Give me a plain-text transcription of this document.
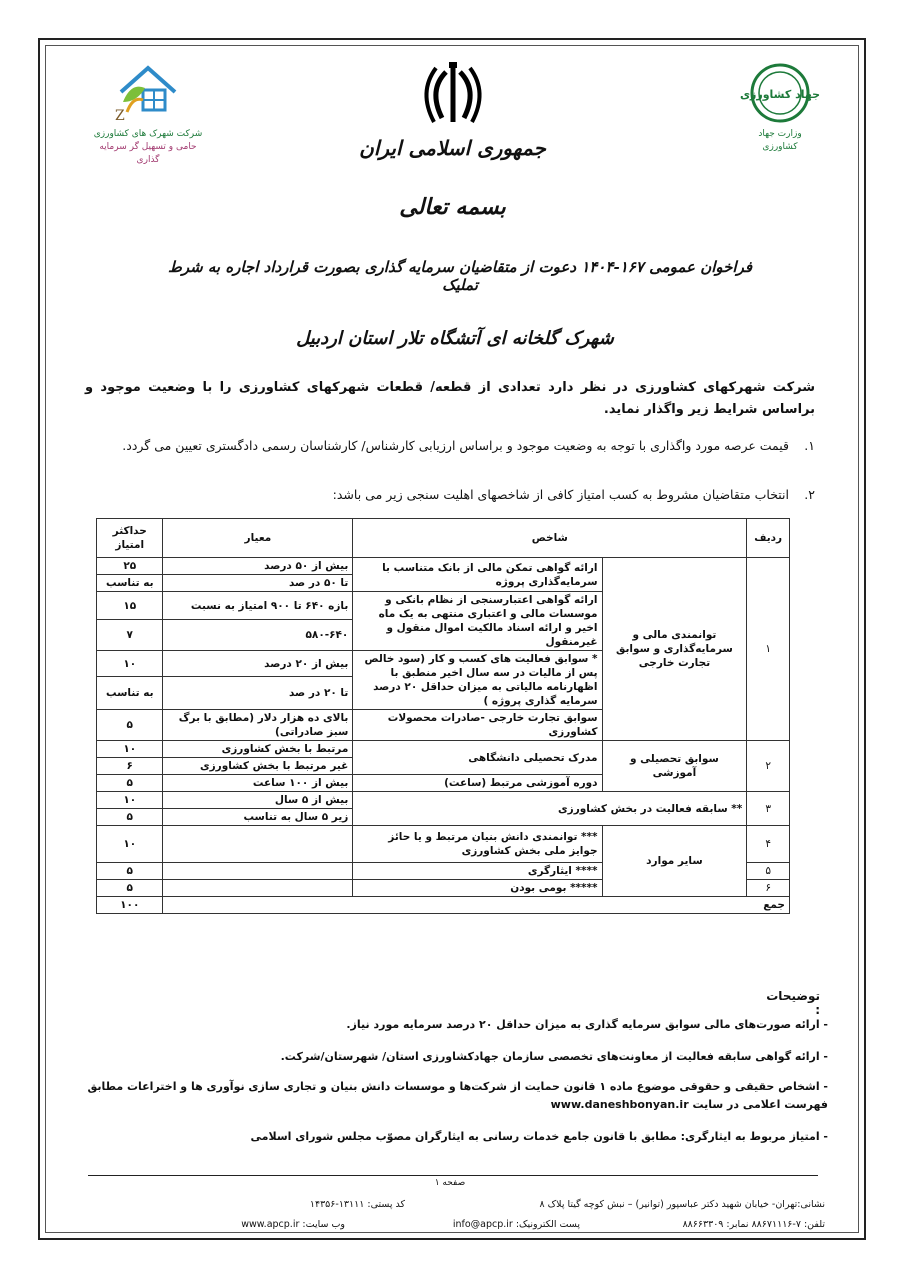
Z
شرکت شهرک های کشاورزی
حامی و تسهیل گر سرمایه گذاری	جمهوری اسلامی ایران
جهاد کشاورزی
وزارت جهاد کشاورزی
بسمه تعالی
فراخوان عمومی ۱۶۷-۱۴۰۴ دعوت از متقاضیان سرمایه گذاری بصورت قرارداد اجاره به شرط تملیک
شهرک گلخانه ای آتشگاه تلار استان اردبیل
شرکت شهرکهای کشاورزی در نظر دارد تعدادی از قطعه/ قطعات شهرکهای کشاورزی را با وضعیت موجود و براساس شرایط زیر واگذار نماید.
۱. قیمت عرصه مورد واگذاری با توجه به وضعیت موجود و براساس ارزیابی کارشناس/ کارشناسان رسمی دادگستری تعیین می گردد.
۲. انتخاب متقاضیان مشروط به کسب امتیاز کافی از شاخصهای اهلیت سنجی زیر می باشد:
ردیف	شاخص		معیار	حداکثر امتیاز
۱	توانمندی مالی و سرمایه‌گذاری و سوابق تجارت خارجی	ارائه گواهی تمکن مالی از بانک متناسب با سرمایه‌گذاری پروژه	بیش از ۵۰ درصد	۲۵
			تا ۵۰ در صد	به تناسب
		ارائه گواهی اعتبارسنجی از نظام بانکی و موسسات مالی و اعتباری منتهی به یک ماه اخیر و ارائه اسناد مالکیت اموال منقول و غیرمنقول	بازه ۶۴۰ تا ۹۰۰ امتیاز به نسبت	۱۵
			۵۸۰-۶۴۰	۷
		* سوابق فعالیت های کسب و کار (سود خالص پس از مالیات در سه سال اخیر منطبق با اظهارنامه مالیاتی به میزان حداقل ۲۰ درصد سرمایه گذاری پروژه )	بیش از ۲۰ درصد	۱۰
			تا ۲۰ در صد	به تناسب
		سوابق تجارت خارجی -صادرات محصولات کشاورزی	بالای ده هزار دلار (مطابق با برگ سبز صادراتی)	۵
۲	سوابق تحصیلی و آموزشی	مدرک تحصیلی دانشگاهی	مرتبط با بخش کشاورزی	۱۰
			غیر مرتبط با بخش کشاورزی	۶
		دوره آموزشی مرتبط (ساعت)	بیش از ۱۰۰ ساعت	۵
۳	** سابقه فعالیت در بخش کشاورزی		بیش از ۵ سال	۱۰
			زیر ۵ سال به تناسب	۵
۴	سایر موارد	*** توانمندی دانش بنیان مرتبط و یا حائز جوایز ملی بخش کشاورزی		۱۰
۵		**** ایثارگری		۵
۶		***** بومی بودن		۵
جمع				۱۰۰
توضیحات :
- ارائه صورت‌های مالی سوابق سرمایه گذاری به میزان حداقل ۲۰ درصد سرمایه مورد نیاز.
- ارائه گواهی سابقه فعالیت از معاونت‌های تخصصی سازمان جهادکشاورزی استان/ شهرستان/شرکت.
- اشخاص حقیقی و حقوقی موضوع ماده ۱ قانون حمایت از شرکت‌ها و موسسات دانش بنیان و تجاری سازی نوآوری ها و اختراعات مطابق فهرست اعلامی در سایت www.daneshbonyan.ir
- امتیاز مربوط به ایثارگری: مطابق با قانون جامع خدمات رسانی به ایثارگران مصوّب مجلس شورای اسلامی
صفحه ۱
نشانی:تهران- خیابان شهید دکتر عباسپور (توانیر) – نبش کوچه گیتا پلاک ۸
کد پستی: ۱۳۱۱۱-۱۴۳۵۶
تلفن: ۷-۸۸۶۷۱۱۱۶ نمابر: ۸۸۶۶۳۳۰۹
پست الکترونیک: info@apcp.ir
وب سایت: www.apcp.ir
